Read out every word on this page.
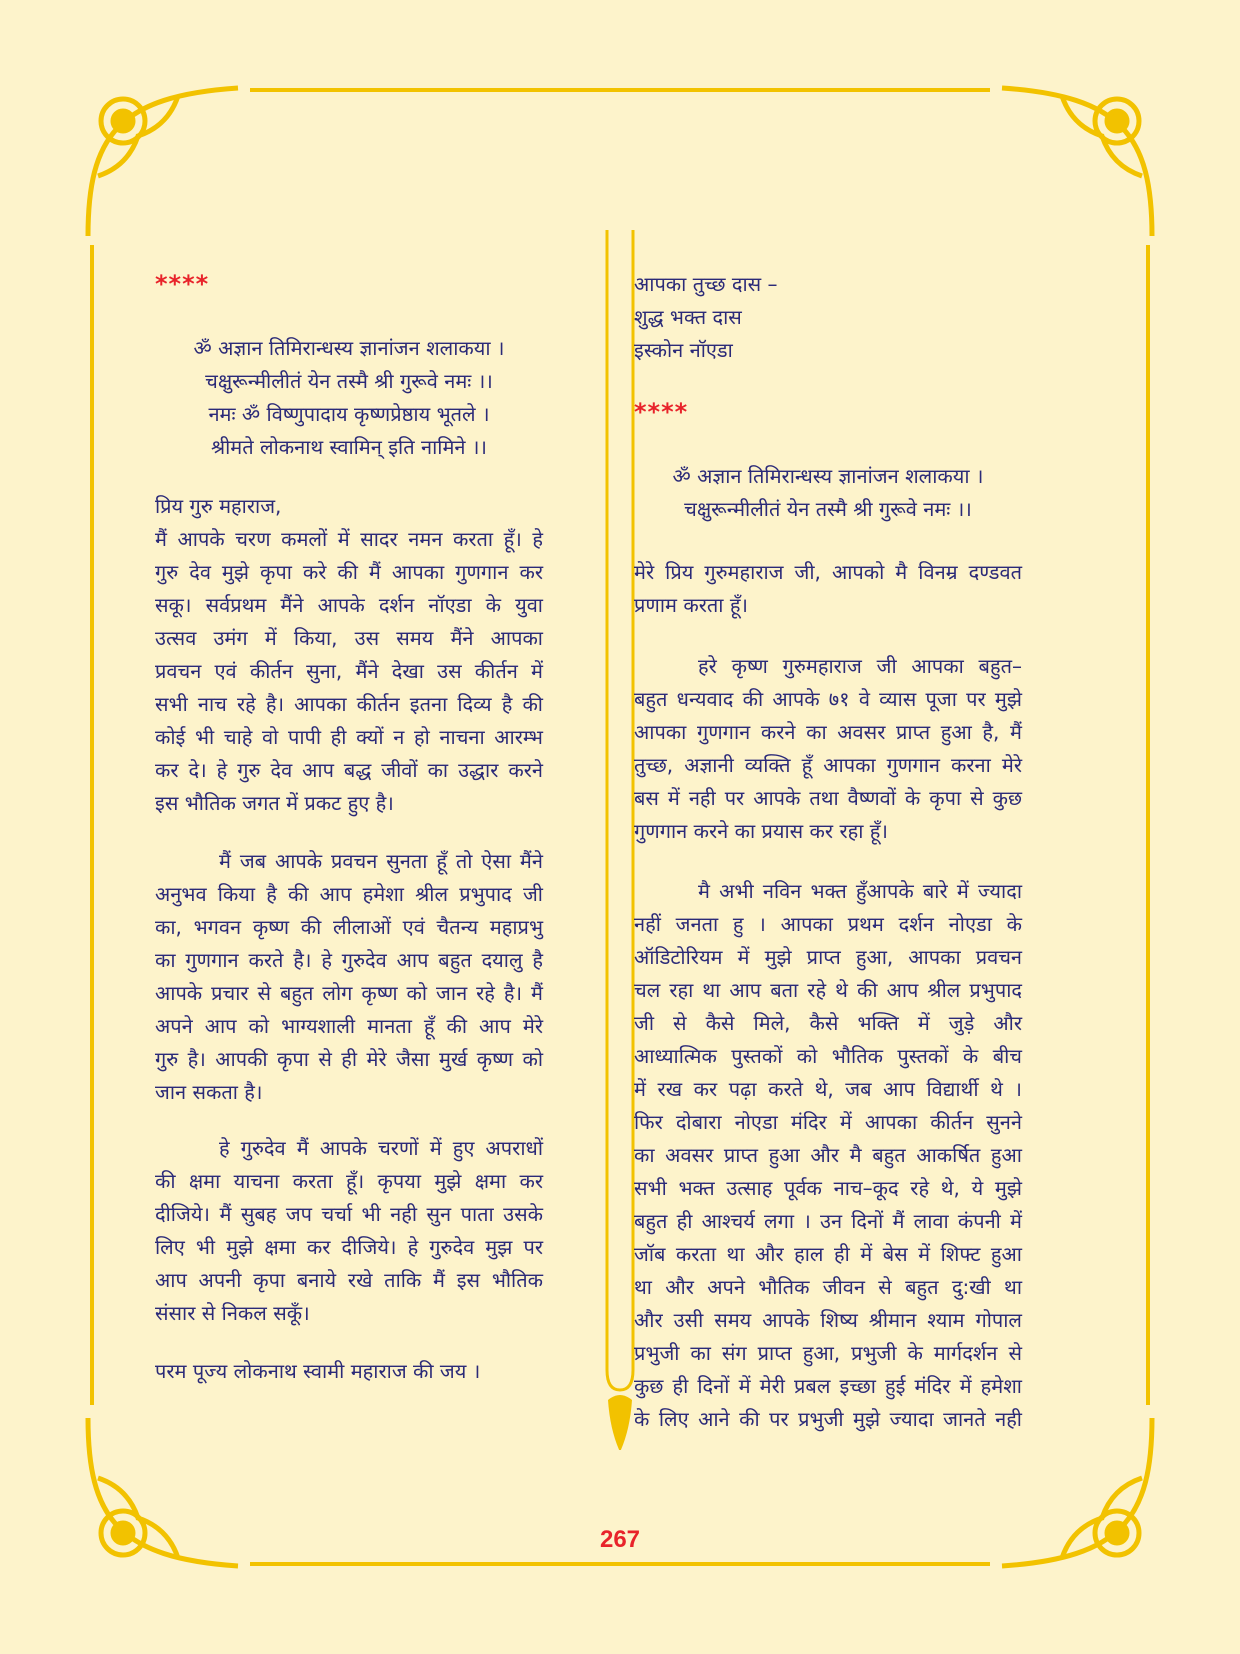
****
ॐ अज्ञान तिमिरान्धस्य ज्ञानांजन शलाकया ।
चक्षुरून्मीलीतं येन तस्मै श्री गुरूवे नमः ।।
नमः ॐ विष्णुपादाय कृष्णप्रेष्ठाय भूतले ।
श्रीमते लोकनाथ स्वामिन् इति नामिने ।।
प्रिय गुरु महाराज,
मैं आपके चरण कमलों में सादर नमन करता हूँ। हे
गुरु देव मुझे कृपा करे की मैं आपका गुणगान कर
सकू। सर्वप्रथम मैंने आपके दर्शन नॉएडा के युवा
उत्सव उमंग में किया, उस समय मैंने आपका
प्रवचन एवं कीर्तन सुना, मैंने देखा उस कीर्तन में
सभी नाच रहे है। आपका कीर्तन इतना दिव्य है की
कोई भी चाहे वो पापी ही क्यों न हो नाचना आरम्भ
कर दे। हे गुरु देव आप बद्ध जीवों का उद्धार करने
इस भौतिक जगत में प्रकट हुए है।
मैं जब आपके प्रवचन सुनता हूँ तो ऐसा मैंने
अनुभव किया है की आप हमेशा श्रील प्रभुपाद जी
का, भगवन कृष्ण की लीलाओं एवं चैतन्य महाप्रभु
का गुणगान करते है। हे गुरुदेव आप बहुत दयालु है
आपके प्रचार से बहुत लोग कृष्ण को जान रहे है। मैं
अपने आप को भाग्यशाली मानता हूँ की आप मेरे
गुरु है। आपकी कृपा से ही मेरे जैसा मुर्ख कृष्ण को
जान सकता है।
हे गुरुदेव मैं आपके चरणों में हुए अपराधों
की क्षमा याचना करता हूँ। कृपया मुझे क्षमा कर
दीजिये। मैं सुबह जप चर्चा भी नही सुन पाता उसके
लिए भी मुझे क्षमा कर दीजिये। हे गुरुदेव मुझ पर
आप अपनी कृपा बनाये रखे ताकि मैं इस भौतिक
संसार से निकल सकूँ।
परम पूज्य लोकनाथ स्वामी महाराज की जय ।
आपका तुच्छ दास –
शुद्ध भक्त दास
इस्कोन नॉएडा
****
ॐ अज्ञान तिमिरान्धस्य ज्ञानांजन शलाकया ।
चक्षुरून्मीलीतं येन तस्मै श्री गुरूवे नमः ।।
मेरे प्रिय गुरुमहाराज जी, आपको मै विनम्र दण्डवत
प्रणाम करता हूँ।
हरे कृष्ण गुरुमहाराज जी आपका बहुत–
बहुत धन्यवाद की आपके ७१ वे व्यास पूजा पर मुझे
आपका गुणगान करने का अवसर प्राप्त हुआ है, मैं
तुच्छ, अज्ञानी व्यक्ति हूँ आपका गुणगान करना मेरे
बस में नही पर आपके तथा वैष्णवों के कृपा से कुछ
गुणगान करने का प्रयास कर रहा हूँ।
मै अभी नविन भक्त हुँआपके बारे में ज्यादा
नहीं जनता हु । आपका प्रथम दर्शन नोएडा के
ऑडिटोरियम में मुझे प्राप्त हुआ, आपका प्रवचन
चल रहा था आप बता रहे थे की आप श्रील प्रभुपाद
जी से कैसे मिले, कैसे भक्ति में जुड़े और
आध्यात्मिक पुस्तकों को भौतिक पुस्तकों के बीच
में रख कर पढ़ा करते थे, जब आप विद्यार्थी थे ।
फिर दोबारा नोएडा मंदिर में आपका कीर्तन सुनने
का अवसर प्राप्त हुआ और मै बहुत आकर्षित हुआ
सभी भक्त उत्साह पूर्वक नाच–कूद रहे थे, ये मुझे
बहुत ही आश्चर्य लगा । उन दिनों मैं लावा कंपनी में
जॉब करता था और हाल ही में बेस में शिफ्ट हुआ
था और अपने भौतिक जीवन से बहुत दु:खी था
और उसी समय आपके शिष्य श्रीमान श्याम गोपाल
प्रभुजी का संग प्राप्त हुआ, प्रभुजी के मार्गदर्शन से
कुछ ही दिनों में मेरी प्रबल इच्छा हुई मंदिर में हमेशा
के लिए आने की पर प्रभुजी मुझे ज्यादा जानते नही
267
